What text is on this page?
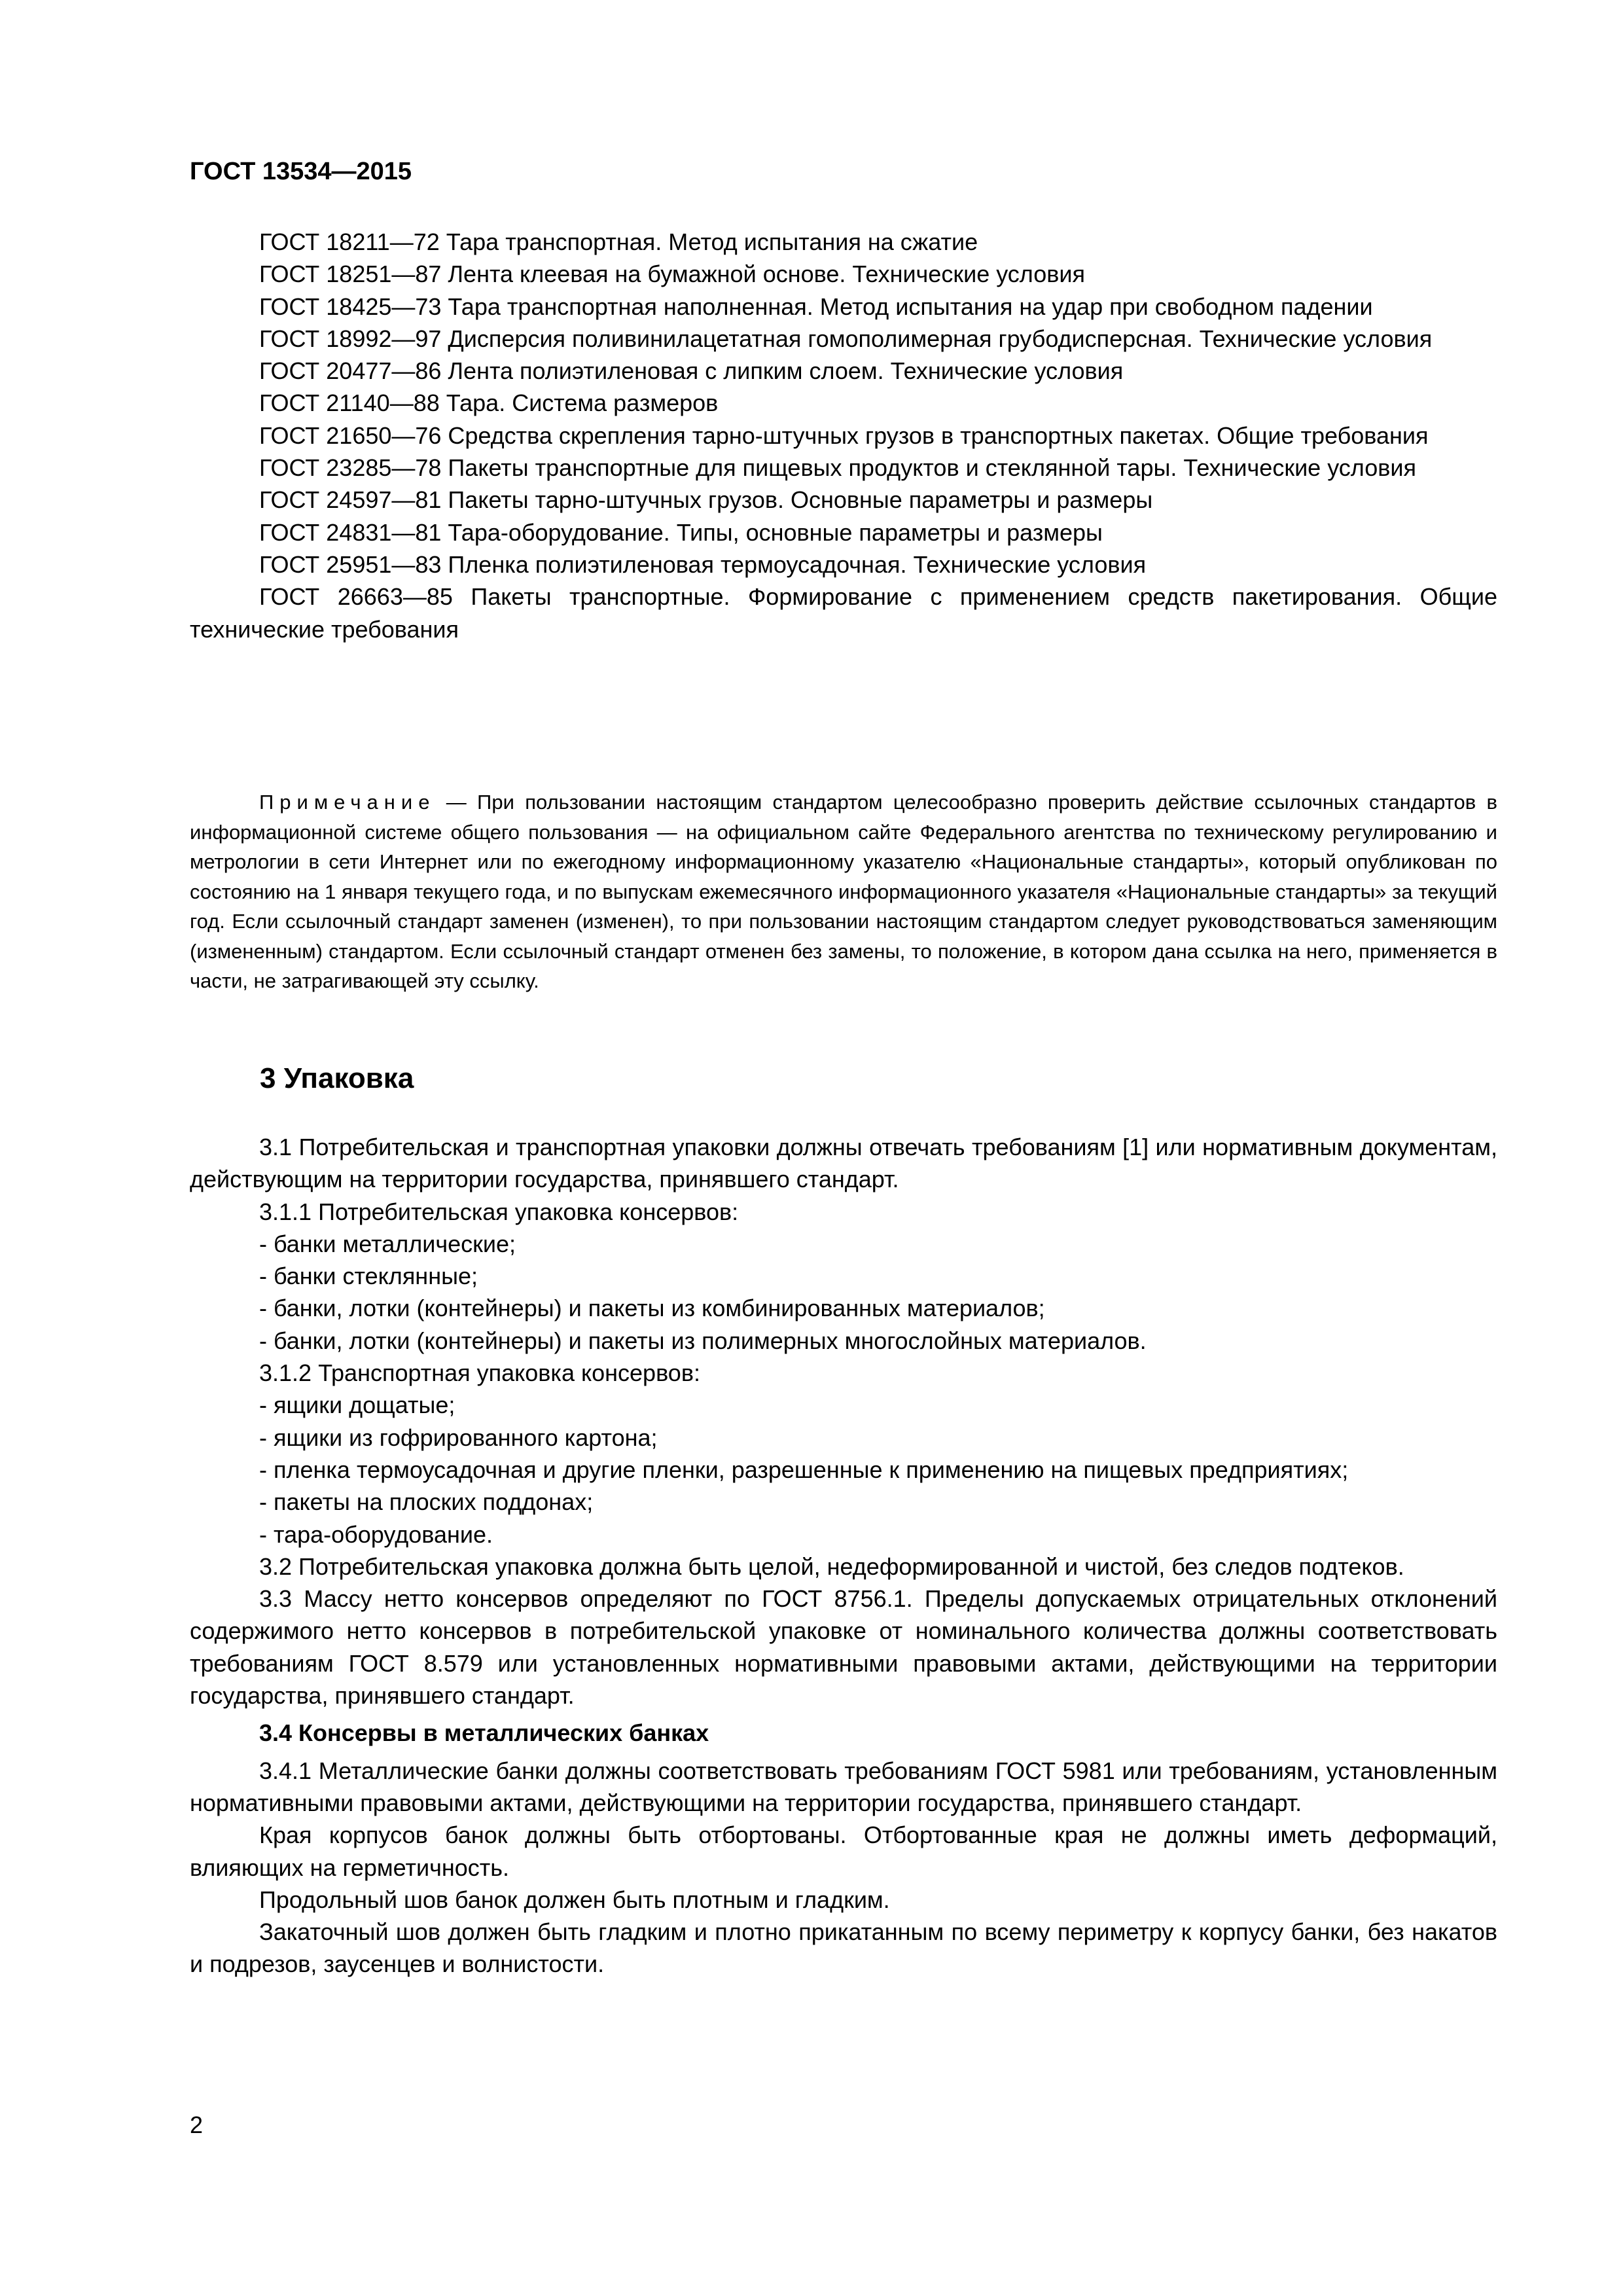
ГОСТ 13534—2015

ГОСТ 18211—72 Тара транспортная. Метод испытания на сжатие

ГОСТ 18251—87 Лента клеевая на бумажной основе. Технические условия

ГОСТ 18425—73 Тара транспортная наполненная. Метод испытания на удар при свободном падении

ГОСТ 18992—97 Дисперсия поливинилацетатная гомополимерная грубодисперсная. Технические условия

ГОСТ 20477—86 Лента полиэтиленовая с липким слоем. Технические условия

ГОСТ 21140—88 Тара. Система размеров

ГОСТ 21650—76 Средства скрепления тарно-штучных грузов в транспортных пакетах. Общие требования

ГОСТ 23285—78 Пакеты транспортные для пищевых продуктов и стеклянной тары. Технические условия

ГОСТ 24597—81 Пакеты тарно-штучных грузов. Основные параметры и размеры

ГОСТ 24831—81 Тара-оборудование. Типы, основные параметры и размеры

ГОСТ 25951—83 Пленка полиэтиленовая термоусадочная. Технические условия

ГОСТ 26663—85 Пакеты транспортные. Формирование с применением средств пакетирования. Общие технические требования

Примечание — При пользовании настоящим стандартом целесообразно проверить действие ссылочных стандартов в информационной системе общего пользования — на официальном сайте Федерального агентства по техническому регулированию и метрологии в сети Интернет или по ежегодному информационному указателю «Национальные стандарты», который опубликован по состоянию на 1 января текущего года, и по выпускам ежемесячного информационного указателя «Национальные стандарты» за текущий год. Если ссылочный стандарт заменен (изменен), то при пользовании настоящим стандартом следует руководствоваться заменяющим (измененным) стандартом. Если ссылочный стандарт отменен без замены, то положение, в котором дана ссылка на него, применяется в части, не затрагивающей эту ссылку.

3 Упаковка

3.1 Потребительская и транспортная упаковки должны отвечать требованиям [1] или нормативным документам, действующим на территории государства, принявшего стандарт.

3.1.1 Потребительская упаковка консервов:

- банки металлические;

- банки стеклянные;

- банки, лотки (контейнеры) и пакеты из комбинированных материалов;

- банки, лотки (контейнеры) и пакеты из полимерных многослойных материалов.

3.1.2 Транспортная упаковка консервов:

- ящики дощатые;

- ящики из гофрированного картона;

- пленка термоусадочная и другие пленки, разрешенные к применению на пищевых предприятиях;

- пакеты на плоских поддонах;

- тара-оборудование.

3.2 Потребительская упаковка должна быть целой, недеформированной и чистой, без следов подтеков.

3.3 Массу нетто консервов определяют по ГОСТ 8756.1. Пределы допускаемых отрицательных отклонений содержимого нетто консервов в потребительской упаковке от номинального количества должны соответствовать требованиям ГОСТ 8.579 или установленных нормативными правовыми актами, действующими на территории государства, принявшего стандарт.

3.4 Консервы в металлических банках

3.4.1 Металлические банки должны соответствовать требованиям ГОСТ 5981 или требованиям, установленным нормативными правовыми актами, действующими на территории государства, принявшего стандарт.

Края корпусов банок должны быть отбортованы. Отбортованные края не должны иметь деформаций, влияющих на герметичность.

Продольный шов банок должен быть плотным и гладким.

Закаточный шов должен быть гладким и плотно прикатанным по всему периметру к корпусу банки, без накатов и подрезов, заусенцев и волнистости.

2
